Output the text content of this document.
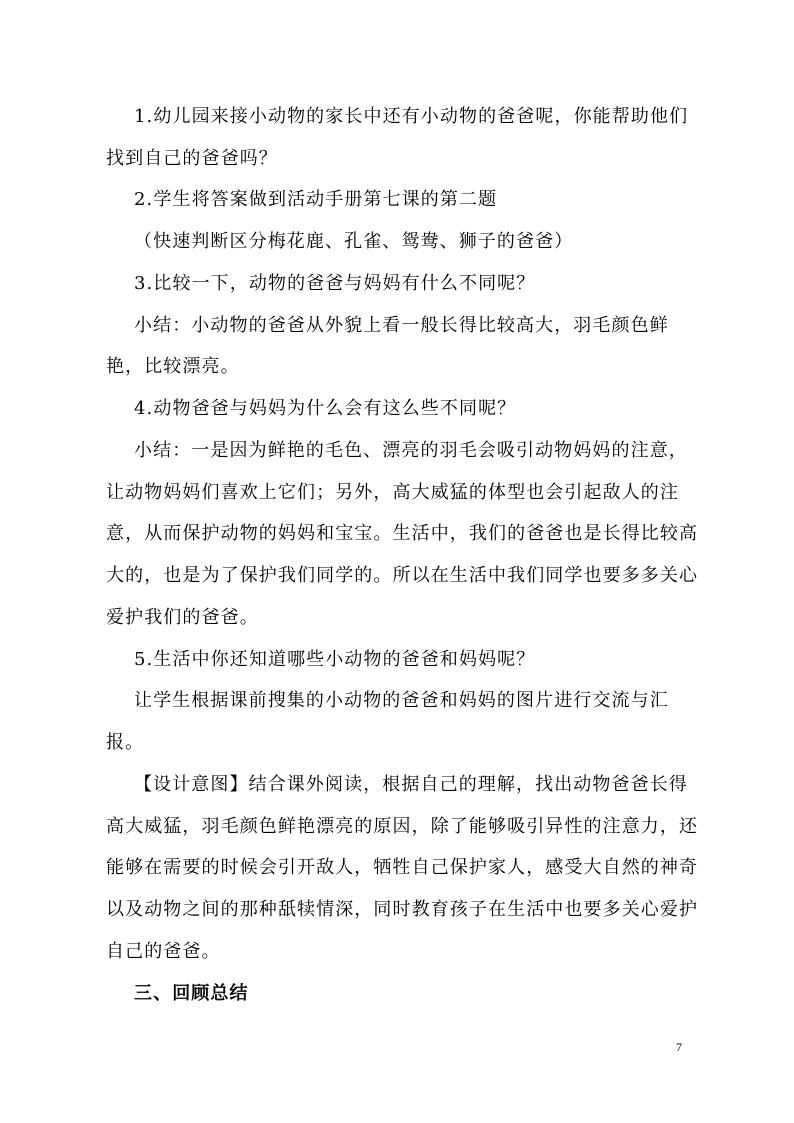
1.幼儿园来接小动物的家长中还有小动物的爸爸呢，你能帮助他们
找到自己的爸爸吗？
2.学生将答案做到活动手册第七课的第二题
（快速判断区分梅花鹿、孔雀、鸳鸯、狮子的爸爸）
3.比较一下，动物的爸爸与妈妈有什么不同呢？
小结：小动物的爸爸从外貌上看一般长得比较高大，羽毛颜色鲜
艳，比较漂亮。
4.动物爸爸与妈妈为什么会有这么些不同呢？
小结：一是因为鲜艳的毛色、漂亮的羽毛会吸引动物妈妈的注意，
让动物妈妈们喜欢上它们；另外，高大威猛的体型也会引起敌人的注
意，从而保护动物的妈妈和宝宝。生活中，我们的爸爸也是长得比较高
大的，也是为了保护我们同学的。所以在生活中我们同学也要多多关心
爱护我们的爸爸。
5.生活中你还知道哪些小动物的爸爸和妈妈呢？
让学生根据课前搜集的小动物的爸爸和妈妈的图片进行交流与汇
报。
【设计意图】结合课外阅读，根据自己的理解，找出动物爸爸长得
高大威猛，羽毛颜色鲜艳漂亮的原因，除了能够吸引异性的注意力，还
能够在需要的时候会引开敌人，牺牲自己保护家人，感受大自然的神奇
以及动物之间的那种舐犊情深，同时教育孩子在生活中也要多关心爱护
自己的爸爸。
三、回顾总结
7
